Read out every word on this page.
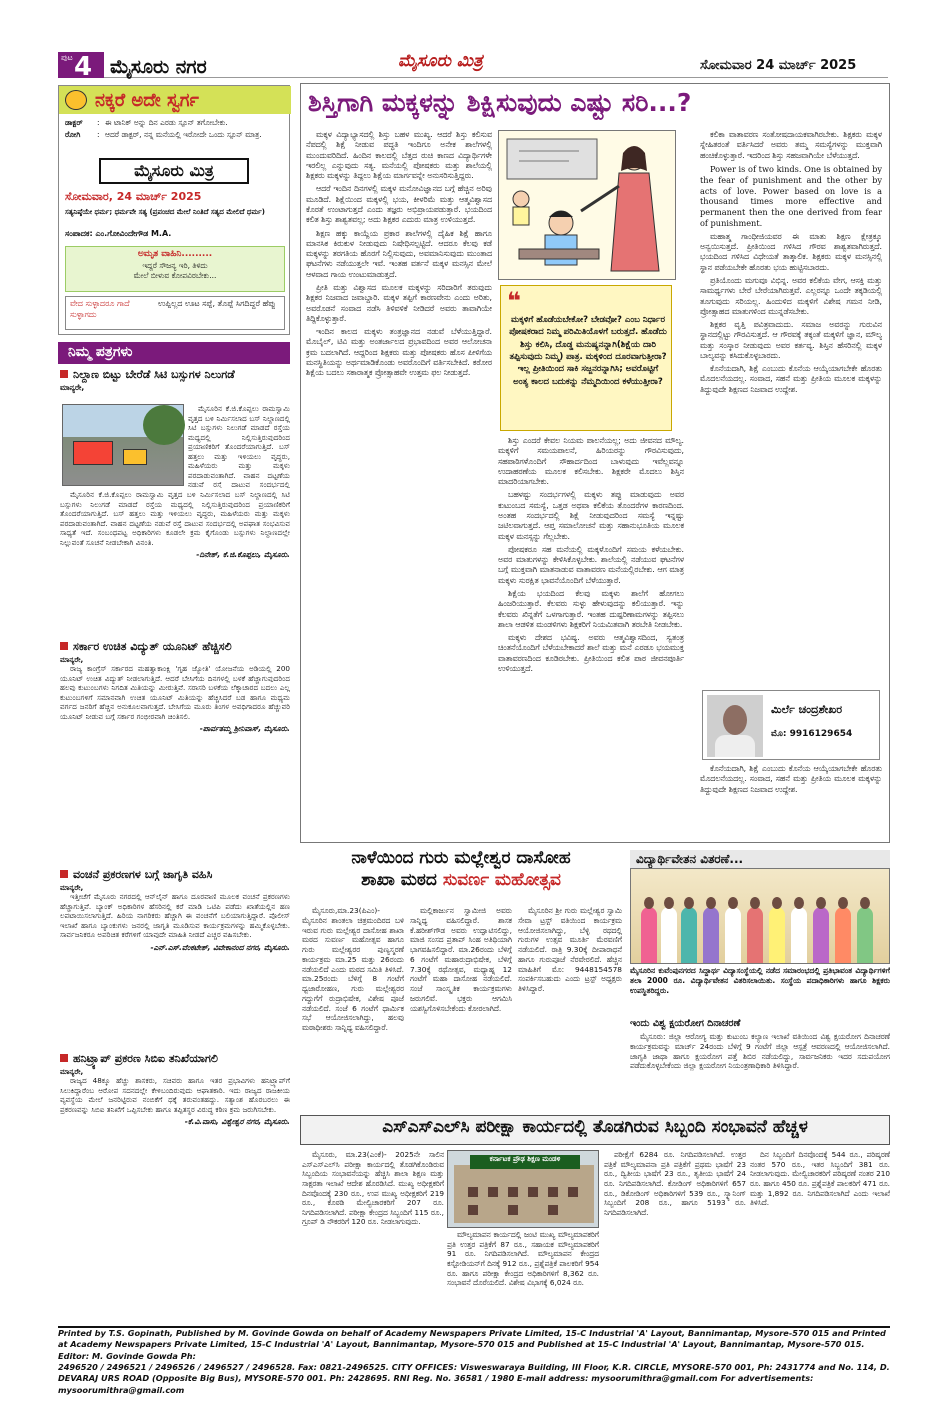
ಪುಟ 4 ಮೈಸೂರು ನಗರ	ಮೈಸೂರು ಮಿತ್ರ	ಸೋಮವಾರ 24 ಮಾರ್ಚ್ 2025
ನಕ್ಕರೆ ಅದೇ ಸ್ವರ್ಗ
ಡಾಕ್ಟರ್	: ಈ ಟಾನಿಕ್ ಅನ್ನು ದಿನ ಎರಡು ಸ್ಪೂನ್ ತಗೋಬೇಕು.
ರೋಗಿ	: ಆದರೆ ಡಾಕ್ಟರ್, ನನ್ನ ಮನೆಯಲ್ಲಿ ಇರೋದೇ ಒಂದು ಸ್ಪೂನ್ ಮಾತ್ರ.
ಮೈಸೂರು ಮಿತ್ರ
ಸೋಮವಾರ, 24 ಮಾರ್ಚ್ 2025
ಸತ್ಯನಿಷ್ಠೆಯೇ ಧರ್ಮ; ಧರ್ಮವೇ ಸತ್ಯ (ಪ್ರಪಂಚದ ಮೇಲೆ ನಿಂತಿದೆ ಸತ್ಯದ ಮೇಲಿದೆ ಧರ್ಮ)
ಸಂಪಾದಕ: ಎಂ.ಗೋವಿಂದೇಗೌಡ M.A.
ಅಮೃತ ವಾಹಿನಿ.........
ಇದ್ದರೆ ಸೌಜನ್ಯ ಇರಿ, ತಿಳಿದು
ಮೇಲೆ ಬೀಳುವ ಕೋಪವಿರಬೇಕು...
ವೇದ ಸುಳ್ಳಾದರೂ ಗಾದೆ ಸುಳ್ಳಾಗದು
ಉಪ್ಪಿಲ್ಲದ ಊಟ ಸಪ್ಪೆ, ತೊಪ್ಪೆ ಸಿಗದಿದ್ದರೆ ಹೆಪ್ಪು
ನಿಮ್ಮ ಪತ್ರಗಳು
ನಿಲ್ದಾಣ ಬಿಟ್ಟು ಬೇರೆಡೆ ಸಿಟಿ ಬಸ್ಸುಗಳ ನಿಲುಗಡೆ
ಮಾನ್ಯರೇ,

ಮೈಸೂರಿನ ಕೆ.ಜಿ.ಕೊಪ್ಪಲು ರಾಮಸ್ವಾಮಿ ವೃತ್ತದ ಬಳಿ ನಿರ್ಮಿಸಲಾದ ಬಸ್ ನಿಲ್ದಾಣದಲ್ಲಿ ಸಿಟಿ ಬಸ್ಸುಗಳು ನಿಲುಗಡೆ ಮಾಡದೆ ರಸ್ತೆಯ ಮಧ್ಯದಲ್ಲಿ ನಿಲ್ಲಿಸುತ್ತಿರುವುದರಿಂದ ಪ್ರಯಾಣಿಕರಿಗೆ ತೊಂದರೆಯಾಗುತ್ತಿದೆ. ಬಸ್ ಹತ್ತಲು ಮತ್ತು ಇಳಿಯಲು ವೃದ್ಧರು, ಮಹಿಳೆಯರು ಮತ್ತು ಮಕ್ಕಳು ಪರದಾಡುವಂತಾಗಿದೆ. ವಾಹನ ದಟ್ಟಣೆಯ ನಡುವೆ ರಸ್ತೆ ದಾಟುವ ಸಂದರ್ಭದಲ್ಲಿ

ಮೈಸೂರಿನ ಕೆ.ಜಿ.ಕೊಪ್ಪಲು ರಾಮಸ್ವಾಮಿ ವೃತ್ತದ ಬಳಿ ನಿರ್ಮಿಸಲಾದ ಬಸ್ ನಿಲ್ದಾಣದಲ್ಲಿ ಸಿಟಿ ಬಸ್ಸುಗಳು ನಿಲುಗಡೆ ಮಾಡದೆ ರಸ್ತೆಯ ಮಧ್ಯದಲ್ಲಿ ನಿಲ್ಲಿಸುತ್ತಿರುವುದರಿಂದ ಪ್ರಯಾಣಿಕರಿಗೆ ತೊಂದರೆಯಾಗುತ್ತಿದೆ. ಬಸ್ ಹತ್ತಲು ಮತ್ತು ಇಳಿಯಲು ವೃದ್ಧರು, ಮಹಿಳೆಯರು ಮತ್ತು ಮಕ್ಕಳು ಪರದಾಡುವಂತಾಗಿದೆ. ವಾಹನ ದಟ್ಟಣೆಯ ನಡುವೆ ರಸ್ತೆ ದಾಟುವ ಸಂದರ್ಭದಲ್ಲಿ ಅಪಘಾತ ಸಂಭವಿಸುವ ಸಾಧ್ಯತೆ ಇದೆ. ಸಂಬಂಧಪಟ್ಟ ಅಧಿಕಾರಿಗಳು ಕೂಡಲೇ ಕ್ರಮ ಕೈಗೊಂಡು ಬಸ್ಸುಗಳು ನಿಲ್ದಾಣದಲ್ಲೇ ನಿಲ್ಲುವಂತೆ ಸೂಚನೆ ನೀಡಬೇಕಾಗಿ ವಿನಂತಿ.

-ದಿನೇಶ್, ಕೆ.ಜಿ.ಕೊಪ್ಪಲು, ಮೈಸೂರು.
ಸರ್ಕಾರ ಉಚಿತ ವಿದ್ಯುತ್ ಯೂನಿಟ್ ಹೆಚ್ಚಿಸಲಿ
ಮಾನ್ಯರೇ,

ರಾಜ್ಯ ಕಾಂಗ್ರೆಸ್ ಸರ್ಕಾರದ ಮಹತ್ವಾಕಾಂಕ್ಷಿ 'ಗೃಹ ಜ್ಯೋತಿ' ಯೋಜನೆಯ ಅಡಿಯಲ್ಲಿ 200 ಯೂನಿಟ್ ಉಚಿತ ವಿದ್ಯುತ್ ನೀಡಲಾಗುತ್ತಿದೆ. ಆದರೆ ಬೇಸಿಗೆಯ ದಿನಗಳಲ್ಲಿ ಬಳಕೆ ಹೆಚ್ಚಾಗುವುದರಿಂದ ಹಲವು ಕುಟುಂಬಗಳು ನಿಗದಿತ ಮಿತಿಯನ್ನು ಮೀರುತ್ತಿವೆ. ಸರಾಸರಿ ಬಳಕೆಯ ಲೆಕ್ಕಾಚಾರದ ಬದಲು ಎಲ್ಲ ಕುಟುಂಬಗಳಿಗೆ ಸಮಾನವಾಗಿ ಉಚಿತ ಯೂನಿಟ್ ಮಿತಿಯನ್ನು ಹೆಚ್ಚಿಸಿದರೆ ಬಡ ಹಾಗೂ ಮಧ್ಯಮ ವರ್ಗದ ಜನರಿಗೆ ಹೆಚ್ಚಿನ ಅನುಕೂಲವಾಗುತ್ತದೆ. ಬೇಸಿಗೆಯ ಮೂರು ತಿಂಗಳ ಅವಧಿಗಾದರೂ ಹೆಚ್ಚುವರಿ ಯೂನಿಟ್ ನೀಡುವ ಬಗ್ಗೆ ಸರ್ಕಾರ ಗಂಭೀರವಾಗಿ ಚಿಂತಿಸಲಿ.

-ಪಾರ್ವತಮ್ಮ ಶ್ರೀನಿವಾಸ್, ಮೈಸೂರು.
ವಂಚನೆ ಪ್ರಕರಣಗಳ ಬಗ್ಗೆ ಜಾಗೃತಿ ವಹಿಸಿ
ಮಾನ್ಯರೇ,

ಇತ್ತೀಚೆಗೆ ಮೈಸೂರು ನಗರದಲ್ಲಿ ಆನ್‌ಲೈನ್ ಹಾಗೂ ದೂರವಾಣಿ ಮೂಲಕ ವಂಚನೆ ಪ್ರಕರಣಗಳು ಹೆಚ್ಚಾಗುತ್ತಿವೆ. ಬ್ಯಾಂಕ್ ಅಧಿಕಾರಿಗಳ ಹೆಸರಿನಲ್ಲಿ ಕರೆ ಮಾಡಿ ಒಟಿಪಿ ಪಡೆದು ಖಾತೆಯಲ್ಲಿನ ಹಣ ಲಪಟಾಯಿಸಲಾಗುತ್ತಿದೆ. ಹಿರಿಯ ನಾಗರಿಕರು ಹೆಚ್ಚಾಗಿ ಈ ವಂಚನೆಗೆ ಬಲಿಯಾಗುತ್ತಿದ್ದಾರೆ. ಪೊಲೀಸ್ ಇಲಾಖೆ ಹಾಗೂ ಬ್ಯಾಂಕುಗಳು ಜನರಲ್ಲಿ ಜಾಗೃತಿ ಮೂಡಿಸುವ ಕಾರ್ಯಕ್ರಮಗಳನ್ನು ಹಮ್ಮಿಕೊಳ್ಳಬೇಕು. ಸಾರ್ವಜನಿಕರೂ ಅಪರಿಚಿತ ಕರೆಗಳಿಗೆ ಯಾವುದೇ ಮಾಹಿತಿ ನೀಡದೆ ಎಚ್ಚರ ವಹಿಸಬೇಕು.

-ಎನ್.ಎಸ್.ವೆಂಕಟೇಶ್, ವಿವೇಕಾನಂದ ನಗರ, ಮೈಸೂರು.
ಹನಿಟ್ರ್ಯಾಪ್ ಪ್ರಕರಣ ಸಿಬಿಐ ತನಿಖೆಯಾಗಲಿ
ಮಾನ್ಯರೇ,

ರಾಜ್ಯದ 48ಕ್ಕೂ ಹೆಚ್ಚು ಶಾಸಕರು, ಸಚಿವರು ಹಾಗೂ ಇತರ ಪ್ರಭಾವಿಗಳು ಹನಿಟ್ರ್ಯಾಪ್‌ಗೆ ಸಿಲುಕಿದ್ದಾರೆಂಬ ಆರೋಪ ಸದನದಲ್ಲೇ ಕೇಳಿಬಂದಿರುವುದು ಆಘಾತಕಾರಿ. ಇದು ರಾಜ್ಯದ ರಾಜಕೀಯ ವ್ಯವಸ್ಥೆಯ ಮೇಲೆ ಜನರಿಟ್ಟಿರುವ ನಂಬಿಕೆಗೆ ಧಕ್ಕೆ ತರುವಂತಹದ್ದು. ಸತ್ಯಾಂಶ ಹೊರಬರಲು ಈ ಪ್ರಕರಣವನ್ನು ಸಿಬಿಐ ತನಿಖೆಗೆ ಒಪ್ಪಿಸಬೇಕು ಹಾಗೂ ತಪ್ಪಿತಸ್ಥರ ವಿರುದ್ಧ ಕಠಿಣ ಕ್ರಮ ಜರುಗಿಸಬೇಕು.

-ಕೆ.ವಿ.ವಾಸು, ವಿಶ್ವೇಶ್ವರ ನಗರ, ಮೈಸೂರು.
ಶಿಸ್ತಿಗಾಗಿ ಮಕ್ಕಳನ್ನು ಶಿಕ್ಷಿಸುವುದು ಎಷ್ಟು ಸರಿ...?

ಮಕ್ಕಳ ವಿದ್ಯಾಭ್ಯಾಸದಲ್ಲಿ ಶಿಸ್ತು ಬಹಳ ಮುಖ್ಯ. ಆದರೆ ಶಿಸ್ತು ಕಲಿಸುವ ನೆಪದಲ್ಲಿ ಶಿಕ್ಷೆ ನೀಡುವ ಪದ್ಧತಿ ಇಂದಿಗೂ ಅನೇಕ ಶಾಲೆಗಳಲ್ಲಿ ಮುಂದುವರಿದಿದೆ. ಹಿಂದಿನ ಕಾಲದಲ್ಲಿ ಬೆತ್ತದ ರುಚಿ ಕಾಣದ ವಿದ್ಯಾರ್ಥಿಗಳೇ ಇರಲಿಲ್ಲ ಎನ್ನುವುದು ಸತ್ಯ. ಮನೆಯಲ್ಲಿ ಪೋಷಕರು ಮತ್ತು ಶಾಲೆಯಲ್ಲಿ ಶಿಕ್ಷಕರು ಮಕ್ಕಳನ್ನು ತಿದ್ದಲು ಶಿಕ್ಷೆಯ ಮಾರ್ಗವನ್ನೇ ಅನುಸರಿಸುತ್ತಿದ್ದರು.

ಆದರೆ ಇಂದಿನ ದಿನಗಳಲ್ಲಿ ಮಕ್ಕಳ ಮನೋವಿಜ್ಞಾನದ ಬಗ್ಗೆ ಹೆಚ್ಚಿನ ಅರಿವು ಮೂಡಿದೆ. ಶಿಕ್ಷೆಯಿಂದ ಮಕ್ಕಳಲ್ಲಿ ಭಯ, ಕೀಳರಿಮೆ ಮತ್ತು ಆತ್ಮವಿಶ್ವಾಸದ ಕೊರತೆ ಉಂಟಾಗುತ್ತದೆ ಎಂದು ತಜ್ಞರು ಅಭಿಪ್ರಾಯಪಡುತ್ತಾರೆ. ಭಯದಿಂದ ಕಲಿತ ಶಿಸ್ತು ಶಾಶ್ವತವಲ್ಲ; ಅದು ಶಿಕ್ಷಕರ ಎದುರು ಮಾತ್ರ ಉಳಿಯುತ್ತದೆ.

ಶಿಕ್ಷಣ ಹಕ್ಕು ಕಾಯ್ದೆಯ ಪ್ರಕಾರ ಶಾಲೆಗಳಲ್ಲಿ ದೈಹಿಕ ಶಿಕ್ಷೆ ಹಾಗೂ ಮಾನಸಿಕ ಕಿರುಕುಳ ನೀಡುವುದು ನಿಷೇಧಿಸಲ್ಪಟ್ಟಿದೆ. ಆದರೂ ಕೆಲವು ಕಡೆ ಮಕ್ಕಳನ್ನು ತರಗತಿಯ ಹೊರಗೆ ನಿಲ್ಲಿಸುವುದು, ಅವಮಾನಿಸುವುದು ಮುಂತಾದ ಘಟನೆಗಳು ನಡೆಯುತ್ತಲೇ ಇವೆ. ಇಂತಹ ವರ್ತನೆ ಮಕ್ಕಳ ಮನಸ್ಸಿನ ಮೇಲೆ ಆಳವಾದ ಗಾಯ ಉಂಟುಮಾಡುತ್ತದೆ.

ಪ್ರೀತಿ ಮತ್ತು ವಿಶ್ವಾಸದ ಮೂಲಕ ಮಕ್ಕಳನ್ನು ಸರಿದಾರಿಗೆ ತರುವುದು ಶಿಕ್ಷಕರ ನಿಜವಾದ ಜವಾಬ್ದಾರಿ. ಮಕ್ಕಳ ತಪ್ಪಿಗೆ ಕಾರಣವೇನು ಎಂದು ಅರಿತು, ಅವರೊಡನೆ ಸಂವಾದ ನಡೆಸಿ ತಿಳಿವಳಿಕೆ ನೀಡಿದರೆ ಅವರು ತಾವಾಗಿಯೇ ತಿದ್ದಿಕೊಳ್ಳುತ್ತಾರೆ.

ಇಂದಿನ ಕಾಲದ ಮಕ್ಕಳು ತಂತ್ರಜ್ಞಾನದ ನಡುವೆ ಬೆಳೆಯುತ್ತಿದ್ದಾರೆ. ಮೊಬೈಲ್, ಟಿವಿ ಮತ್ತು ಅಂತರ್ಜಾಲದ ಪ್ರಭಾವದಿಂದ ಅವರ ಆಲೋಚನಾ ಕ್ರಮ ಬದಲಾಗಿದೆ. ಆದ್ದರಿಂದ ಶಿಕ್ಷಕರು ಮತ್ತು ಪೋಷಕರು ಹೊಸ ಪೀಳಿಗೆಯ ಮನಸ್ಥಿತಿಯನ್ನು ಅರ್ಥಮಾಡಿಕೊಂಡು ಅವರೊಂದಿಗೆ ವರ್ತಿಸಬೇಕಿದೆ. ಕಠೋರ ಶಿಕ್ಷೆಯ ಬದಲು ಸಕಾರಾತ್ಮಕ ಪ್ರೋತ್ಸಾಹವೇ ಉತ್ತಮ ಫಲ ನೀಡುತ್ತದೆ.

❝
ಮಕ್ಕಳಿಗೆ ಹೊಡೆಯಬೇಕೋ? ಬೇಡವೋ? ಎಂಬ ನಿರ್ಧಾರ ಪೋಷಕರಾದ ನಿಮ್ಮ ಪರಿಮಿತಿಯೊಳಗೆ ಬರುತ್ತದೆ. ಹೊಡೆದು ಶಿಸ್ತು ಕಲಿಸಿ, ದೊಡ್ಡ ಮನುಷ್ಯನನ್ನಾಗಿ(ಶಿಕ್ಷೆಯ ದಾರಿ ತಪ್ಪಿಸುವುದು ನಿಮ್ಮ) ಪಾತ್ರ. ಮಕ್ಕಳಿಂದ ದೂರವಾಗುತ್ತೀರಾ? ಇಲ್ಲ ಪ್ರೀತಿಯಿಂದ ಸಾಕಿ ಸಜ್ಜನರನ್ನಾಗಿಸಿ; ಅವರೊಟ್ಟಿಗೆ ಅಂತ್ಯ ಕಾಲದ ಬದುಕನ್ನು ನೆಮ್ಮದಿಯಿಂದ ಕಳೆಯುತ್ತೀರಾ?

ಶಿಸ್ತು ಎಂದರೆ ಕೇವಲ ನಿಯಮ ಪಾಲನೆಯಲ್ಲ; ಅದು ಜೀವನದ ಮೌಲ್ಯ. ಮಕ್ಕಳಿಗೆ ಸಮಯಪಾಲನೆ, ಹಿರಿಯರನ್ನು ಗೌರವಿಸುವುದು, ಸಹಪಾಠಿಗಳೊಂದಿಗೆ ಸೌಹಾರ್ದದಿಂದ ಬಾಳುವುದು ಇವೆಲ್ಲವನ್ನೂ ಉದಾಹರಣೆಯ ಮೂಲಕ ಕಲಿಸಬೇಕು. ಶಿಕ್ಷಕರೇ ಮೊದಲು ಶಿಸ್ತಿನ ಮಾದರಿಯಾಗಬೇಕು.

ಬಹಳಷ್ಟು ಸಂದರ್ಭಗಳಲ್ಲಿ ಮಕ್ಕಳು ತಪ್ಪು ಮಾಡುವುದು ಅವರ ಕುಟುಂಬದ ಸಮಸ್ಯೆ, ಒತ್ತಡ ಅಥವಾ ಕಲಿಕೆಯ ತೊಂದರೆಗಳ ಕಾರಣದಿಂದ. ಅಂತಹ ಸಂದರ್ಭದಲ್ಲಿ ಶಿಕ್ಷೆ ನೀಡುವುದರಿಂದ ಸಮಸ್ಯೆ ಇನ್ನಷ್ಟು ಜಟಿಲವಾಗುತ್ತದೆ. ಆಪ್ತ ಸಮಾಲೋಚನೆ ಮತ್ತು ಸಹಾನುಭೂತಿಯ ಮೂಲಕ ಮಕ್ಕಳ ಮನಸ್ಸನ್ನು ಗೆಲ್ಲಬೇಕು.

ಪೋಷಕರೂ ಸಹ ಮನೆಯಲ್ಲಿ ಮಕ್ಕಳೊಂದಿಗೆ ಸಮಯ ಕಳೆಯಬೇಕು. ಅವರ ಮಾತುಗಳನ್ನು ಕೇಳಿಸಿಕೊಳ್ಳಬೇಕು. ಶಾಲೆಯಲ್ಲಿ ನಡೆಯುವ ಘಟನೆಗಳ ಬಗ್ಗೆ ಮುಕ್ತವಾಗಿ ಮಾತನಾಡುವ ವಾತಾವರಣ ಮನೆಯಲ್ಲಿರಬೇಕು. ಆಗ ಮಾತ್ರ ಮಕ್ಕಳು ಸುರಕ್ಷಿತ ಭಾವನೆಯೊಂದಿಗೆ ಬೆಳೆಯುತ್ತಾರೆ.

ಶಿಕ್ಷೆಯ ಭಯದಿಂದ ಕೆಲವು ಮಕ್ಕಳು ಶಾಲೆಗೆ ಹೋಗಲು ಹಿಂಜರಿಯುತ್ತಾರೆ. ಕೆಲವರು ಸುಳ್ಳು ಹೇಳುವುದನ್ನು ಕಲಿಯುತ್ತಾರೆ. ಇನ್ನು ಕೆಲವರು ಖಿನ್ನತೆಗೆ ಒಳಗಾಗುತ್ತಾರೆ. ಇಂತಹ ದುಷ್ಪರಿಣಾಮಗಳನ್ನು ತಪ್ಪಿಸಲು ಶಾಲಾ ಆಡಳಿತ ಮಂಡಳಿಗಳು ಶಿಕ್ಷಕರಿಗೆ ನಿಯಮಿತವಾಗಿ ತರಬೇತಿ ನೀಡಬೇಕು.

ಮಕ್ಕಳು ದೇಶದ ಭವಿಷ್ಯ. ಅವರು ಆತ್ಮವಿಶ್ವಾಸದಿಂದ, ಸ್ವತಂತ್ರ ಚಿಂತನೆಯೊಂದಿಗೆ ಬೆಳೆಯಬೇಕಾದರೆ ಶಾಲೆ ಮತ್ತು ಮನೆ ಎರಡೂ ಭಯಮುಕ್ತ ವಾತಾವರಣದಿಂದ ಕೂಡಿರಬೇಕು. ಪ್ರೀತಿಯಿಂದ ಕಲಿತ ಪಾಠ ಜೀವನಪೂರ್ತಿ ಉಳಿಯುತ್ತದೆ.

ಕಲಿಕಾ ವಾತಾವರಣ ಸಂತೋಷದಾಯಕವಾಗಿರಬೇಕು. ಶಿಕ್ಷಕರು ಮಕ್ಕಳ ಸ್ನೇಹಿತರಂತೆ ವರ್ತಿಸಿದರೆ ಅವರು ತಮ್ಮ ಸಮಸ್ಯೆಗಳನ್ನು ಮುಕ್ತವಾಗಿ ಹಂಚಿಕೊಳ್ಳುತ್ತಾರೆ. ಇದರಿಂದ ಶಿಸ್ತು ಸಹಜವಾಗಿಯೇ ಬೆಳೆಯುತ್ತದೆ.

Power is of two kinds. One is obtained by the fear of punishment and the other by acts of love. Power based on love is a thousand times more effective and permanent then the one derived from fear of punishment.

ಮಹಾತ್ಮ ಗಾಂಧೀಜಿಯವರ ಈ ಮಾತು ಶಿಕ್ಷಣ ಕ್ಷೇತ್ರಕ್ಕೂ ಅನ್ವಯಿಸುತ್ತದೆ. ಪ್ರೀತಿಯಿಂದ ಗಳಿಸಿದ ಗೌರವ ಶಾಶ್ವತವಾಗಿರುತ್ತದೆ. ಭಯದಿಂದ ಗಳಿಸಿದ ವಿಧೇಯತೆ ತಾತ್ಕಾಲಿಕ. ಶಿಕ್ಷಕರು ಮಕ್ಕಳ ಮನಸ್ಸಿನಲ್ಲಿ ಸ್ಥಾನ ಪಡೆಯಬೇಕೇ ಹೊರತು ಭಯ ಹುಟ್ಟಿಸಬಾರದು.

ಪ್ರತಿಯೊಂದು ಮಗುವೂ ವಿಭಿನ್ನ. ಅವರ ಕಲಿಕೆಯ ವೇಗ, ಆಸಕ್ತಿ ಮತ್ತು ಸಾಮರ್ಥ್ಯಗಳು ಬೇರೆ ಬೇರೆಯಾಗಿರುತ್ತವೆ. ಎಲ್ಲರನ್ನೂ ಒಂದೇ ತಕ್ಕಡಿಯಲ್ಲಿ ತೂಗುವುದು ಸರಿಯಲ್ಲ. ಹಿಂದುಳಿದ ಮಕ್ಕಳಿಗೆ ವಿಶೇಷ ಗಮನ ನೀಡಿ, ಪ್ರೋತ್ಸಾಹದ ಮಾತುಗಳಿಂದ ಮುನ್ನಡೆಸಬೇಕು.

ಶಿಕ್ಷಕರ ವೃತ್ತಿ ಪವಿತ್ರವಾದುದು. ಸಮಾಜ ಅವರನ್ನು ಗುರುವಿನ ಸ್ಥಾನದಲ್ಲಿಟ್ಟು ಗೌರವಿಸುತ್ತದೆ. ಆ ಗೌರವಕ್ಕೆ ತಕ್ಕಂತೆ ಮಕ್ಕಳಿಗೆ ಜ್ಞಾನ, ಮೌಲ್ಯ ಮತ್ತು ಸಂಸ್ಕಾರ ನೀಡುವುದು ಅವರ ಕರ್ತವ್ಯ. ಶಿಸ್ತಿನ ಹೆಸರಿನಲ್ಲಿ ಮಕ್ಕಳ ಬಾಲ್ಯವನ್ನು ಕಸಿದುಕೊಳ್ಳಬಾರದು.

ಕೊನೆಯದಾಗಿ, ಶಿಕ್ಷೆ ಎಂಬುದು ಕೊನೆಯ ಆಯ್ಕೆಯಾಗಬೇಕೇ ಹೊರತು ಮೊದಲನೆಯದಲ್ಲ. ಸಂವಾದ, ಸಹನೆ ಮತ್ತು ಪ್ರೀತಿಯ ಮೂಲಕ ಮಕ್ಕಳನ್ನು ತಿದ್ದುವುದೇ ಶಿಕ್ಷಣದ ನಿಜವಾದ ಉದ್ದೇಶ.

ಮಿರ್ಲೆ ಚಂದ್ರಶೇಖರ
ಮೊ: 9916129654

ಕೊನೆಯದಾಗಿ, ಶಿಕ್ಷೆ ಎಂಬುದು ಕೊನೆಯ ಆಯ್ಕೆಯಾಗಬೇಕೇ ಹೊರತು ಮೊದಲನೆಯದಲ್ಲ. ಸಂವಾದ, ಸಹನೆ ಮತ್ತು ಪ್ರೀತಿಯ ಮೂಲಕ ಮಕ್ಕಳನ್ನು ತಿದ್ದುವುದೇ ಶಿಕ್ಷಣದ ನಿಜವಾದ ಉದ್ದೇಶ.

ನಾಳೆಯಿಂದ ಗುರು ಮಲ್ಲೇಶ್ವರ ದಾಸೋಹ
ಶಾಖಾ ಮಠದ ಸುವರ್ಣ ಮಹೋತ್ಸವ

ಮೈಸೂರು,ಮಾ.23(ಪಿಎಂ)- ಮೈಸೂರಿನ ಶಾಂತಲಾ ಚಿತ್ರಮಂದಿರದ ಬಳಿ ಇರುವ ಗುರು ಮಲ್ಲೇಶ್ವರ ದಾಸೋಹ ಶಾಖಾ ಮಠದ ಸುವರ್ಣ ಮಹೋತ್ಸವ ಹಾಗೂ ಗುರು ಮಲ್ಲೇಶ್ವರರ ಪುಣ್ಯಸ್ಮರಣೆ ಕಾರ್ಯಕ್ರಮ ಮಾ.25 ಮತ್ತು 26ರಂದು ನಡೆಯಲಿದೆ ಎಂದು ಮಠದ ಸಮಿತಿ ತಿಳಿಸಿದೆ. ಮಾ.25ರಂದು ಬೆಳಿಗ್ಗೆ 8 ಗಂಟೆಗೆ ಧ್ವಜಾರೋಹಣ, ಗುರು ಮಲ್ಲೇಶ್ವರರ ಗದ್ದುಗೆಗೆ ರುದ್ರಾಭಿಷೇಕ, ವಿಶೇಷ ಪೂಜೆ ನಡೆಯಲಿದೆ. ಸಂಜೆ 6 ಗಂಟೆಗೆ ಧಾರ್ಮಿಕ ಸಭೆ ಆಯೋಜಿಸಲಾಗಿದ್ದು, ಹಲವು ಮಠಾಧೀಶರು ಸಾನ್ನಿಧ್ಯ ವಹಿಸಲಿದ್ದಾರೆ.

ಮಲ್ಲಿಕಾರ್ಜುನ ಸ್ವಾಮೀಜಿ ಅವರು ಸಾನ್ನಿಧ್ಯ ವಹಿಸಲಿದ್ದಾರೆ. ಶಾಸಕ ಕೆ.ಹರೀಶ್‌ಗೌಡ ಅವರು ಉದ್ಘಾಟಿಸಲಿದ್ದು, ಮಾಜಿ ಸಂಸದ ಪ್ರತಾಪ್ ಸಿಂಹ ಅತಿಥಿಯಾಗಿ ಭಾಗವಹಿಸಲಿದ್ದಾರೆ. ಮಾ.26ರಂದು ಬೆಳಿಗ್ಗೆ 6 ಗಂಟೆಗೆ ಮಹಾರುದ್ರಾಭಿಷೇಕ, ಬೆಳಿಗ್ಗೆ 7.30ಕ್ಕೆ ರಥೋತ್ಸವ, ಮಧ್ಯಾಹ್ನ 12 ಗಂಟೆಗೆ ಮಹಾ ದಾಸೋಹ ನಡೆಯಲಿದೆ. ಸಂಜೆ ಸಾಂಸ್ಕೃತಿಕ ಕಾರ್ಯಕ್ರಮಗಳು ಜರುಗಲಿವೆ. ಭಕ್ತರು ಆಗಮಿಸಿ ಯಶಸ್ವಿಗೊಳಿಸಬೇಕೆಂದು ಕೋರಲಾಗಿದೆ.

ಮೈಸೂರಿನ ಶ್ರೀ ಗುರು ಮಲ್ಲೇಶ್ವರ ಸ್ವಾಮಿ ಸೇವಾ ಟ್ರಸ್ಟ್ ವತಿಯಿಂದ ಕಾರ್ಯಕ್ರಮ ಆಯೋಜಿಸಲಾಗಿದ್ದು, ಬೆಳ್ಳಿ ರಥದಲ್ಲಿ ಗುರುಗಳ ಉತ್ಸವ ಮೂರ್ತಿ ಮೆರವಣಿಗೆ ನಡೆಯಲಿದೆ. ರಾತ್ರಿ 9.30ಕ್ಕೆ ದೀಪಾರಾಧನೆ ಹಾಗೂ ಗುರುಪೂಜೆ ನೆರವೇರಲಿದೆ. ಹೆಚ್ಚಿನ ಮಾಹಿತಿಗೆ ಮೊ: 9448154578 ಸಂಪರ್ಕಿಸಬಹುದು ಎಂದು ಟ್ರಸ್ಟ್ ಅಧ್ಯಕ್ಷರು ತಿಳಿಸಿದ್ದಾರೆ.

ವಿದ್ಯಾರ್ಥಿವೇತನ ವಿತರಣೆ...
ಮೈಸೂರಿನ ಕುವೆಂಪುನಗರದ ಸಿದ್ದಾರ್ಥ ವಿದ್ಯಾಸಂಸ್ಥೆಯಲ್ಲಿ ನಡೆದ ಸಮಾರಂಭದಲ್ಲಿ ಪ್ರತಿಭಾವಂತ ವಿದ್ಯಾರ್ಥಿಗಳಿಗೆ ತಲಾ 2000 ರೂ. ವಿದ್ಯಾರ್ಥಿವೇತನ ವಿತರಿಸಲಾಯಿತು. ಸಂಸ್ಥೆಯ ಪದಾಧಿಕಾರಿಗಳು ಹಾಗೂ ಶಿಕ್ಷಕರು ಉಪಸ್ಥಿತರಿದ್ದರು.
ಇಂದು ವಿಶ್ವ ಕ್ಷಯರೋಗ ದಿನಾಚರಣೆ

ಮೈಸೂರು: ಜಿಲ್ಲಾ ಆರೋಗ್ಯ ಮತ್ತು ಕುಟುಂಬ ಕಲ್ಯಾಣ ಇಲಾಖೆ ವತಿಯಿಂದ ವಿಶ್ವ ಕ್ಷಯರೋಗ ದಿನಾಚರಣೆ ಕಾರ್ಯಕ್ರಮವನ್ನು ಮಾರ್ಚ್ 24ರಂದು ಬೆಳಿಗ್ಗೆ 9 ಗಂಟೆಗೆ ಜಿಲ್ಲಾ ಆಸ್ಪತ್ರೆ ಆವರಣದಲ್ಲಿ ಆಯೋಜಿಸಲಾಗಿದೆ. ಜಾಗೃತಿ ಜಾಥಾ ಹಾಗೂ ಕ್ಷಯರೋಗ ಪತ್ತೆ ಶಿಬಿರ ನಡೆಯಲಿದ್ದು, ಸಾರ್ವಜನಿಕರು ಇದರ ಸದುಪಯೋಗ ಪಡೆದುಕೊಳ್ಳಬೇಕೆಂದು ಜಿಲ್ಲಾ ಕ್ಷಯರೋಗ ನಿಯಂತ್ರಣಾಧಿಕಾರಿ ತಿಳಿಸಿದ್ದಾರೆ.

ಎಸ್‌ಎಸ್‌ಎಲ್‌ಸಿ ಪರೀಕ್ಷಾ ಕಾರ್ಯದಲ್ಲಿ ತೊಡಗಿರುವ ಸಿಬ್ಬಂದಿ ಸಂಭಾವನೆ ಹೆಚ್ಚಳ

ಮೈಸೂರು, ಮಾ.23(ಎಂಕೆ)- 2025ನೇ ಸಾಲಿನ ಎಸ್‌ಎಸ್‌ಎಲ್‌ಸಿ ಪರೀಕ್ಷಾ ಕಾರ್ಯದಲ್ಲಿ ತೊಡಗಿಕೊಂಡಿರುವ ಸಿಬ್ಬಂದಿಯ ಸಂಭಾವನೆಯನ್ನು ಹೆಚ್ಚಿಸಿ ಶಾಲಾ ಶಿಕ್ಷಣ ಮತ್ತು ಸಾಕ್ಷರತಾ ಇಲಾಖೆ ಆದೇಶ ಹೊರಡಿಸಿದೆ. ಮುಖ್ಯ ಅಧೀಕ್ಷಕರಿಗೆ ದಿನವೊಂದಕ್ಕೆ 230 ರೂ., ಉಪ ಮುಖ್ಯ ಅಧೀಕ್ಷಕರಿಗೆ 219 ರೂ., ಕೊಠಡಿ ಮೇಲ್ವಿಚಾರಕರಿಗೆ 207 ರೂ. ನಿಗದಿಪಡಿಸಲಾಗಿದೆ. ಪರೀಕ್ಷಾ ಕೇಂದ್ರದ ಸಿಬ್ಬಂದಿಗೆ 115 ರೂ., ಗ್ರೂಪ್ ಡಿ ನೌಕರರಿಗೆ 120 ರೂ. ನೀಡಲಾಗುವುದು.

ಕರ್ನಾಟಕ ಪ್ರೌಢ ಶಿಕ್ಷಣ ಮಂಡಳಿ

ಮೌಲ್ಯಮಾಪನ ಕಾರ್ಯದಲ್ಲಿ ಜಂಟಿ ಮುಖ್ಯ ಮೌಲ್ಯಮಾಪಕರಿಗೆ ಪ್ರತಿ ಉತ್ತರ ಪತ್ರಿಕೆಗೆ 87 ರೂ., ಸಹಾಯಕ ಮೌಲ್ಯಮಾಪಕರಿಗೆ 91 ರೂ. ನಿಗದಿಪಡಿಸಲಾಗಿದೆ. ಮೌಲ್ಯಮಾಪನ ಕೇಂದ್ರದ ಕಸ್ಟೋಡಿಯನ್‌ಗೆ ದಿನಕ್ಕೆ 912 ರೂ., ಪ್ರಶ್ನೆಪತ್ರಿಕೆ ಪಾಲಕರಿಗೆ 954 ರೂ. ಹಾಗೂ ಪರೀಕ್ಷಾ ಕೇಂದ್ರದ ಅಧಿಕಾರಿಗಳಿಗೆ 8,362 ರೂ. ಸಂಭಾವನೆ ದೊರೆಯಲಿದೆ. ವಿಶೇಷ ವಿಭಾಗಕ್ಕೆ 6,024 ರೂ.

ಪರೀಕ್ಷೆಗೆ 6284 ರೂ. ನಿಗದಿಪಡಿಸಲಾಗಿದೆ. ಉತ್ತರ ಪತ್ರಿಕೆ ಮೌಲ್ಯಮಾಪನಾ ಪ್ರತಿ ಪತ್ರಿಕೆಗೆ ಪ್ರಥಮ ಭಾಷೆಗೆ 23 ರೂ., ದ್ವಿತೀಯ ಭಾಷೆಗೆ 23 ರೂ., ತೃತೀಯ ಭಾಷೆಗೆ 24 ರೂ. ನಿಗದಿಪಡಿಸಲಾಗಿದೆ. ಕೋಡಿಂಗ್ ಅಧಿಕಾರಿಗಳಿಗೆ 657 ರೂ., ಡಿಕೋಡಿಂಗ್ ಅಧಿಕಾರಿಗಳಿಗೆ 539 ರೂ., ಸ್ಕ್ಯಾನಿಂಗ್ ಸಿಬ್ಬಂದಿಗೆ 208 ರೂ., ಹಾಗೂ 5193 ರೂ. ನಿಗದಿಪಡಿಸಲಾಗಿದೆ.

ದಿನ ಸಿಬ್ಬಂದಿಗೆ ದಿನವೊಂದಕ್ಕೆ 544 ರೂ., ಪರಿಷ್ಕರಣೆ ನಂತರ 570 ರೂ., ಇತರ ಸಿಬ್ಬಂದಿಗೆ 381 ರೂ. ನೀಡಲಾಗುವುದು. ಮೇಲ್ವಿಚಾರಕರಿಗೆ ಪರಿಷ್ಕರಣೆ ನಂತರ 210 ರೂ. ಹಾಗೂ 450 ರೂ. ಪ್ರಶ್ನೆಪತ್ರಿಕೆ ಪಾಲಕರಿಗೆ 471 ರೂ. ಮತ್ತು 1,892 ರೂ. ನಿಗದಿಪಡಿಸಲಾಗಿದೆ ಎಂದು ಇಲಾಖೆ ತಿಳಿಸಿದೆ.

Printed by T.S. Gopinath, Published by M. Govinde Gowda on behalf of Academy Newspapers Private Limited, 15-C Industrial 'A' Layout, Bannimantap, Mysore-570 015 and Printed at Academy Newspapers Private Limited, 15-C Industrial 'A' Layout, Bannimantap, Mysore-570 015 and Published at 15-C Industrial 'A' Layout, Bannimantap, Mysore-570 015. Editor: M. Govinde Gowda Ph:
2496520 / 2496521 / 2496526 / 2496527 / 2496528. Fax: 0821-2496525. CITY OFFICES: Visweswaraya Building, III Floor, K.R. CIRCLE, MYSORE-570 001, Ph: 2431774 and No. 114, D. DEVARAJ URS ROAD (Opposite Big Bus), MYSORE-570 001. Ph: 2428695. RNI Reg. No. 36581 / 1980 E-mail address: mysoorumithra@gmail.com For advertisements: mysoorumithra@gmail.com
